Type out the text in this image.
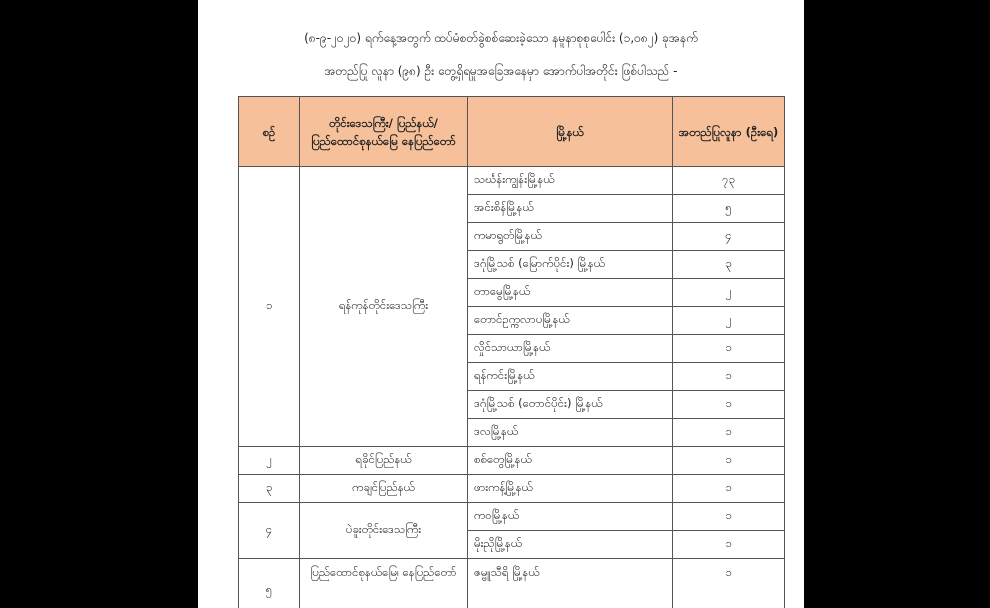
(၈-၉-၂၀၂၀) ရက်နေ့အတွက် ထပ်မံစတ်ခွဲစစ်ဆေးခဲ့သော နမူနာစုစုပေါင်း (၁,၀၈၂) ခုအနက်
အတည်ပြု လူနာ (၉၈) ဦး တွေ့ရှိရမှုအခြေအနေမှာ အောက်ပါအတိုင်း ဖြစ်ပါသည် -
စဉ်	တိုင်းဒေသကြီး/ ပြည်နယ်/ ပြည်ထောင်စုနယ်မြေ နေပြည်တော်	မြို့နယ်	အတည်ပြုလူနာ (ဦးရေ)
၁	ရန်ကုန်တိုင်းဒေသကြီး	သင်္ဃန်းကျွန်းမြို့နယ်	၇၃
		အင်းစိန်မြို့နယ်	၅
		ကမာရွတ်မြို့နယ်	၄
		ဒဂုံမြို့သစ် (မြောက်ပိုင်း) မြို့နယ်	၃
		တာမွေမြို့နယ်	၂
		တောင်ဥက္ကလာပမြို့နယ်	၂
		လှိုင်သာယာမြို့နယ်	၁
		ရန်ကင်းမြို့နယ်	၁
		ဒဂုံမြို့သစ် (တောင်ပိုင်း) မြို့နယ်	၁
		ဒလမြို့နယ်	၁
၂	ရခိုင်ပြည်နယ်	စစ်တွေမြို့နယ်	၁
၃	ကချင်ပြည်နယ်	ဖားကန့်မြို့နယ်	၁
၄	ပဲခူးတိုင်းဒေသကြီး	ကဝမြို့နယ်	၁
		မိုးညိုမြို့နယ်	၁
၅	ပြည်ထောင်စုနယ်မြေ၊ နေပြည်တော်	ဇမ္ဗူသီရိ မြို့နယ်	၁
